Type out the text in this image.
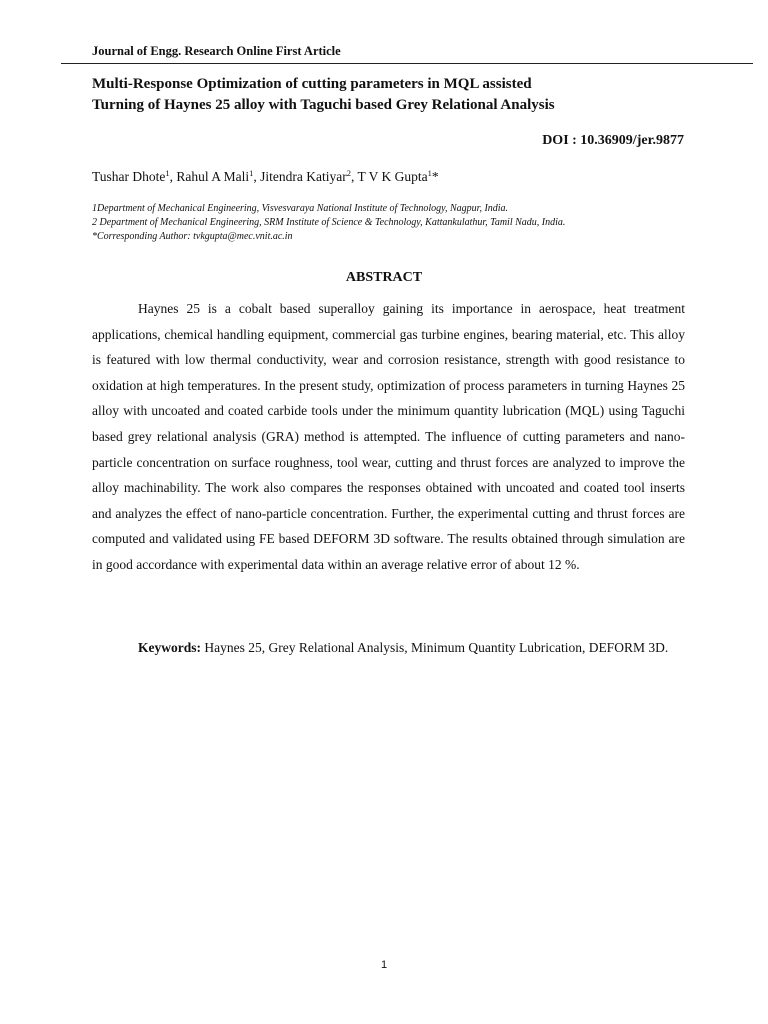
Journal of Engg. Research Online First Article
Multi-Response Optimization of cutting parameters in MQL assisted
Turning of Haynes 25 alloy with Taguchi based Grey Relational Analysis
DOI : 10.36909/jer.9877
Tushar Dhote$^1$, Rahul A Mali$^1$, Jitendra Katiyar$^2$, T V K Gupta$^1$*
1Department of Mechanical Engineering, Visvesvaraya National Institute of Technology, Nagpur, India.
2 Department of Mechanical Engineering, SRM Institute of Science & Technology, Kattankulathur, Tamil Nadu, India.
*Corresponding Author: tvkgupta@mec.vnit.ac.in
ABSTRACT
Haynes 25 is a cobalt based superalloy gaining its importance in aerospace, heat treatment applications, chemical handling equipment, commercial gas turbine engines, bearing material, etc. This alloy is featured with low thermal conductivity, wear and corrosion resistance, strength with good resistance to oxidation at high temperatures. In the present study, optimization of process parameters in turning Haynes 25 alloy with uncoated and coated carbide tools under the minimum quantity lubrication (MQL) using Taguchi based grey relational analysis (GRA) method is attempted. The influence of cutting parameters and nano-particle concentration on surface roughness, tool wear, cutting and thrust forces are analyzed to improve the alloy machinability. The work also compares the responses obtained with uncoated and coated tool inserts and analyzes the effect of nano-particle concentration. Further, the experimental cutting and thrust forces are computed and validated using FE based DEFORM 3D software. The results obtained through simulation are in good accordance with experimental data within an average relative error of about 12 %.
Keywords: Haynes 25, Grey Relational Analysis, Minimum Quantity Lubrication, DEFORM 3D.
1
